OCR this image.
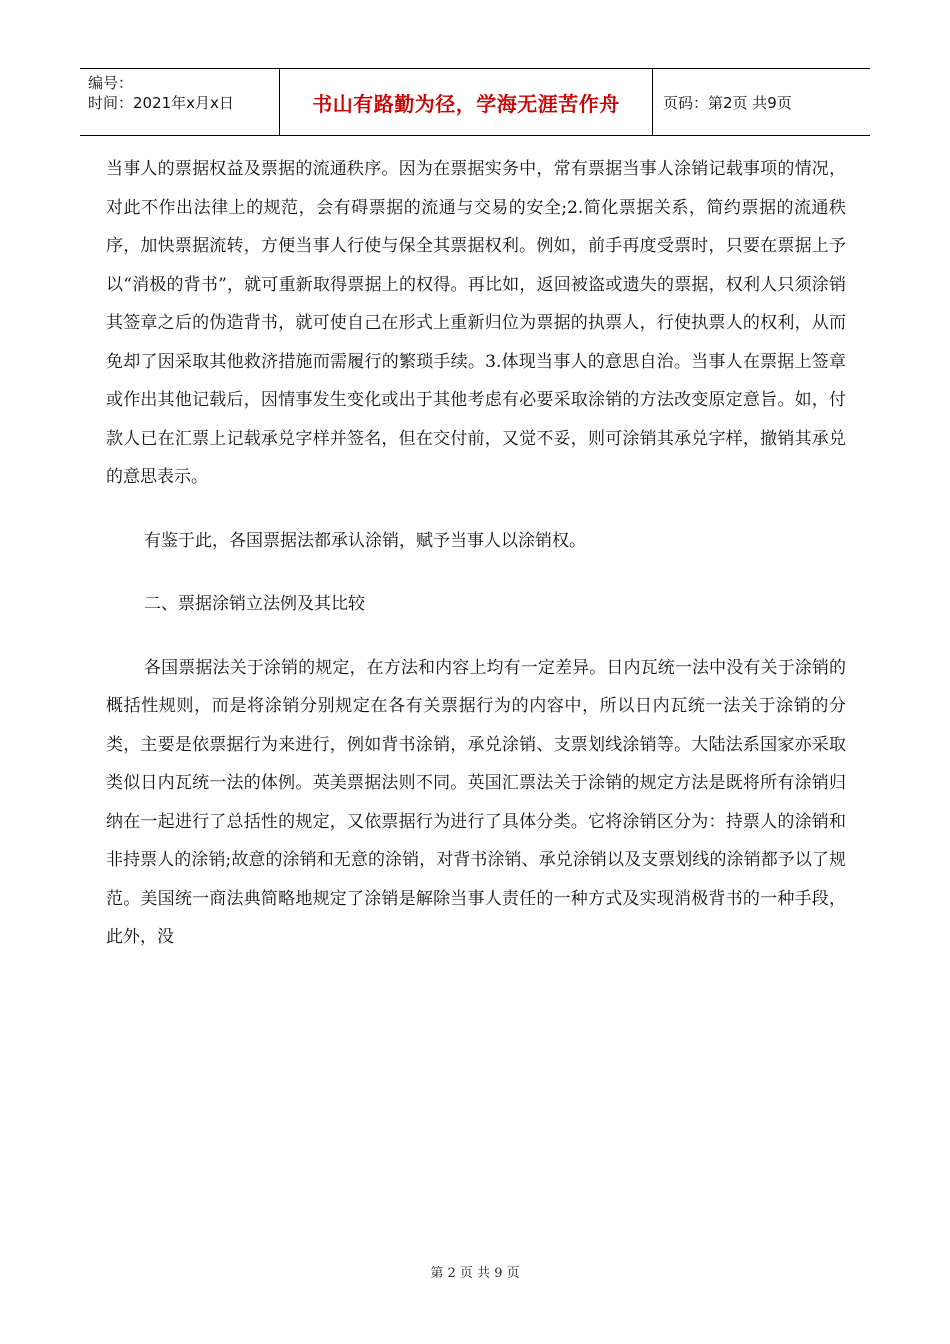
编号：
时间：2021年x月x日	书山有路勤为径，学海无涯苦作舟	页码：第2页 共9页

当事人的票据权益及票据的流通秩序。因为在票据实务中，常有票据当事人涂销记载事项的情况，对此不作出法律上的规范，会有碍票据的流通与交易的安全;2.简化票据关系，简约票据的流通秩序，加快票据流转，方便当事人行使与保全其票据权利。例如，前手再度受票时，只要在票据上予以“消极的背书”，就可重新取得票据上的权得。再比如，返回被盗或遗失的票据，权利人只须涂销其签章之后的伪造背书，就可使自己在形式上重新归位为票据的执票人，行使执票人的权利，从而免却了因采取其他救济措施而需履行的繁琐手续。3.体现当事人的意思自治。当事人在票据上签章或作出其他记载后，因情事发生变化或出于其他考虑有必要采取涂销的方法改变原定意旨。如，付款人已在汇票上记载承兑字样并签名，但在交付前，又觉不妥，则可涂销其承兑字样，撤销其承兑的意思表示。

有鉴于此，各国票据法都承认涂销，赋予当事人以涂销权。

二、票据涂销立法例及其比较

各国票据法关于涂销的规定，在方法和内容上均有一定差异。日内瓦统一法中没有关于涂销的概括性规则，而是将涂销分别规定在各有关票据行为的内容中，所以日内瓦统一法关于涂销的分类，主要是依票据行为来进行，例如背书涂销，承兑涂销、支票划线涂销等。大陆法系国家亦采取类似日内瓦统一法的体例。英美票据法则不同。英国汇票法关于涂销的规定方法是既将所有涂销归纳在一起进行了总括性的规定，又依票据行为进行了具体分类。它将涂销区分为：持票人的涂销和非持票人的涂销;故意的涂销和无意的涂销，对背书涂销、承兑涂销以及支票划线的涂销都予以了规范。美国统一商法典简略地规定了涂销是解除当事人责任的一种方式及实现消极背书的一种手段，此外，没

第 2 页 共 9 页
